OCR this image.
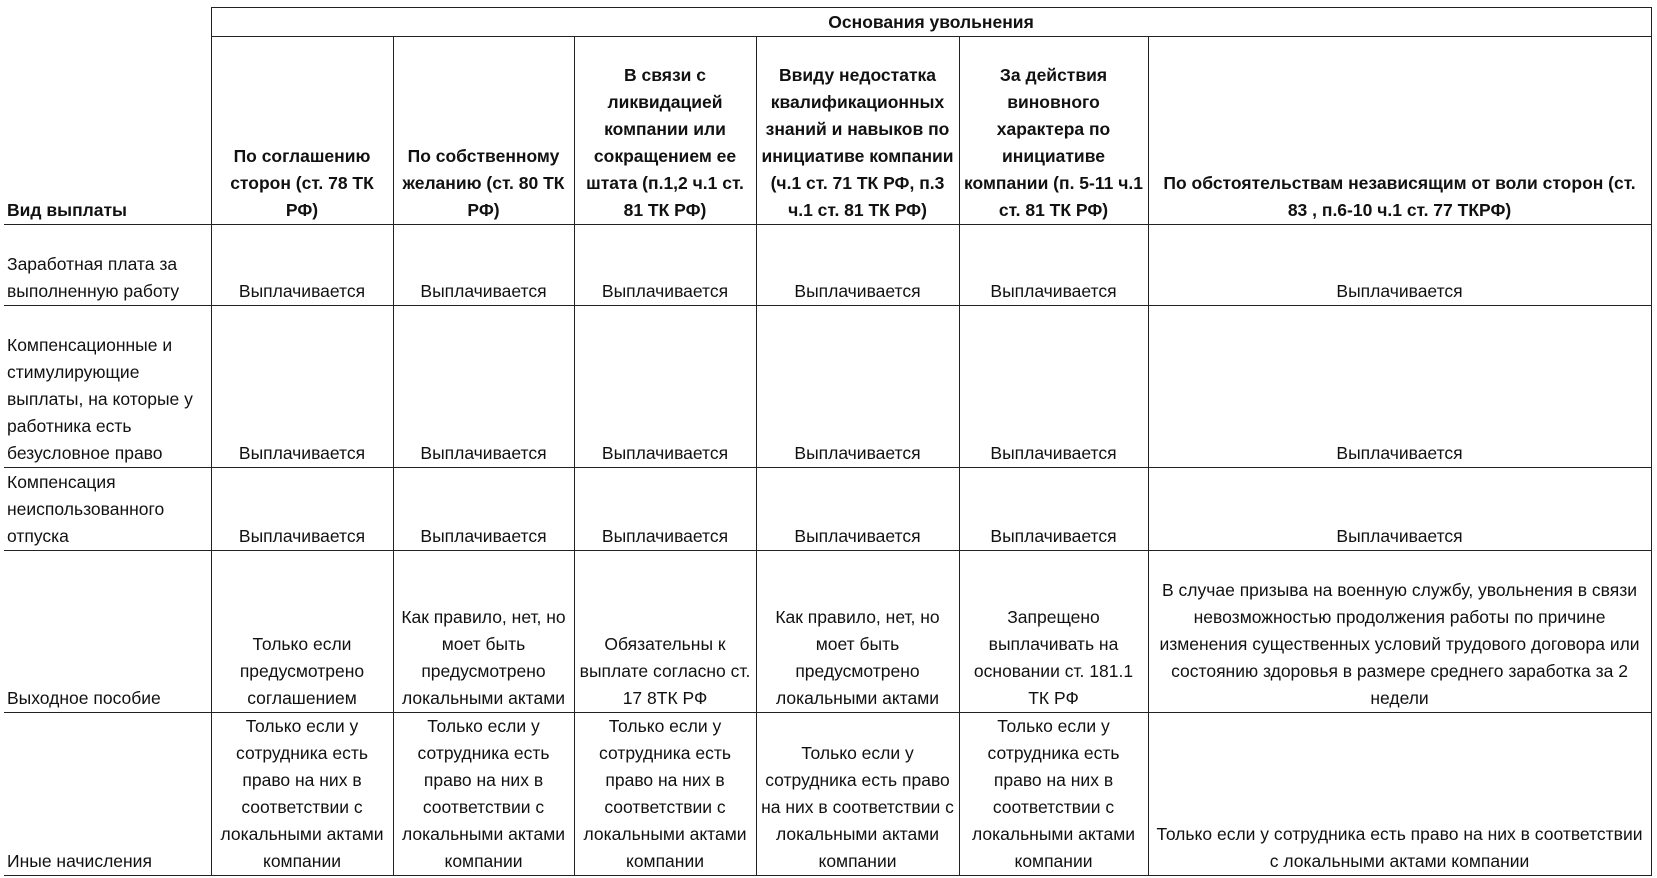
	Основания увольнения					
Вид выплаты	По соглашению сторон (ст. 78 ТК РФ)	По собственному желанию (ст. 80 ТК РФ)	В связи с ликвидацией компании или сокращением ее штата (п.1,2 ч.1 ст. 81 ТК РФ)	Ввиду недостатка квалификационных знаний и навыков по инициативе компании (ч.1 ст. 71 ТК РФ, п.3 ч.1 ст. 81 ТК РФ)	За действия виновного характера по инициативе компании (п. 5-11 ч.1 ст. 81 ТК РФ)	По обстоятельствам независящим от воли сторон (ст. 83 , п.6-10 ч.1 ст. 77 ТКРФ)
Заработная плата за выполненную работу	Выплачивается	Выплачивается	Выплачивается	Выплачивается	Выплачивается	Выплачивается
Компенсационные и стимулирующие выплаты, на которые у работника есть безусловное право	Выплачивается	Выплачивается	Выплачивается	Выплачивается	Выплачивается	Выплачивается
Компенсация неиспользованного отпуска	Выплачивается	Выплачивается	Выплачивается	Выплачивается	Выплачивается	Выплачивается
Выходное пособие	Только если предусмотрено соглашением	Как правило, нет, но моет быть предусмотрено локальными актами	Обязательны к выплате согласно ст. 17 8ТК РФ	Как правило, нет, но моет быть предусмотрено локальными актами	Запрещено выплачивать на основании ст. 181.1 ТК РФ	В случае призыва на военную службу, увольнения в связи невозможностью продолжения работы по причине изменения существенных условий трудового договора или состоянию здоровья в размере среднего заработка за 2 недели
Иные начисления	Только если у сотрудника есть право на них в соответствии с локальными актами компании	Только если у сотрудника есть право на них в соответствии с локальными актами компании	Только если у сотрудника есть право на них в соответствии с локальными актами компании	Только если у сотрудника есть право на них в соответствии с локальными актами компании	Только если у сотрудника есть право на них в соответствии с локальными актами компании	Только если у сотрудника есть право на них в соответствии с локальными актами компании
